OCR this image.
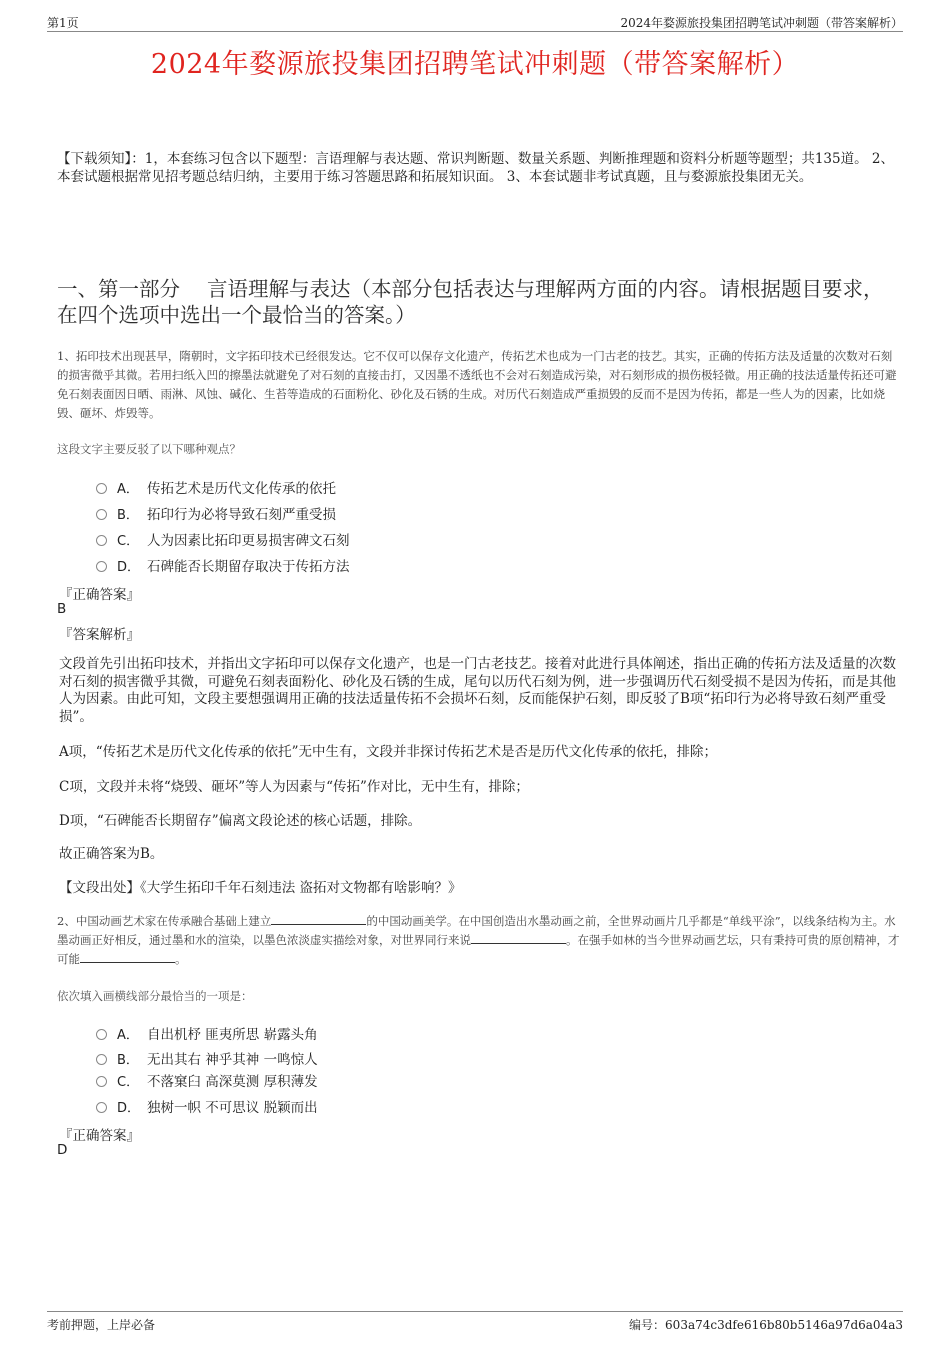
第1页	2024年婺源旅投集团招聘笔试冲刺题（带答案解析）
2024年婺源旅投集团招聘笔试冲刺题（带答案解析）
【下载须知】：1，本套练习包含以下题型：言语理解与表达题、常识判断题、数量关系题、判断推理题和资料分析题等题型；共135道。 2、本套试题根据常见招考题总结归纳，主要用于练习答题思路和拓展知识面。 3、本套试题非考试真题，且与婺源旅投集团无关。
一、第一部分　 言语理解与表达（本部分包括表达与理解两方面的内容。请根据题目要求，在四个选项中选出一个最恰当的答案。）
1、拓印技术出现甚早，隋朝时，文字拓印技术已经很发达。它不仅可以保存文化遗产，传拓艺术也成为一门古老的技艺。其实，正确的传拓方法及适量的次数对石刻的损害微乎其微。若用扫纸入凹的擦墨法就避免了对石刻的直接击打，又因墨不透纸也不会对石刻造成污染，对石刻形成的损伤极轻微。用正确的技法适量传拓还可避免石刻表面因日晒、雨淋、风蚀、碱化、生苔等造成的石面粉化、砂化及石锈的生成。对历代石刻造成严重损毁的反而不是因为传拓，都是一些人为的因素，比如烧毁、砸坏、炸毁等。
这段文字主要反驳了以下哪种观点？
A． 传拓艺术是历代文化传承的依托
B． 拓印行为必将导致石刻严重受损
C． 人为因素比拓印更易损害碑文石刻
D． 石碑能否长期留存取决于传拓方法
『正确答案』
B
『答案解析』
文段首先引出拓印技术，并指出文字拓印可以保存文化遗产，也是一门古老技艺。接着对此进行具体阐述，指出正确的传拓方法及适量的次数对石刻的损害微乎其微，可避免石刻表面粉化、砂化及石锈的生成，尾句以历代石刻为例，进一步强调历代石刻受损不是因为传拓，而是其他人为因素。由此可知，文段主要想强调用正确的技法适量传拓不会损坏石刻，反而能保护石刻，即反驳了B项“拓印行为必将导致石刻严重受损”。
A项，“传拓艺术是历代文化传承的依托”无中生有，文段并非探讨传拓艺术是否是历代文化传承的依托，排除；
C项，文段并未将“烧毁、砸坏”等人为因素与“传拓”作对比，无中生有，排除；
D项，“石碑能否长期留存”偏离文段论述的核心话题，排除。
故正确答案为B。
【文段出处】《大学生拓印千年石刻违法 盗拓对文物都有啥影响？》
2、中国动画艺术家在传承融合基础上建立	的中国动画美学。在中国创造出水墨动画之前，全世界动画片几乎都是“单线平涂”，以线条结构为主。水墨动画正好相反，通过墨和水的渲染，以墨色浓淡虚实描绘对象，对世界同行来说	。在强手如林的当今世界动画艺坛，只有秉持可贵的原创精神，才可能	。
依次填入画横线部分最恰当的一项是：
A． 自出机杼 匪夷所思 崭露头角
B． 无出其右 神乎其神 一鸣惊人
C． 不落窠臼 高深莫测 厚积薄发
D． 独树一帜 不可思议 脱颖而出
『正确答案』
D
考前押题，上岸必备	编号：603a74c3dfe616b80b5146a97d6a04a3
